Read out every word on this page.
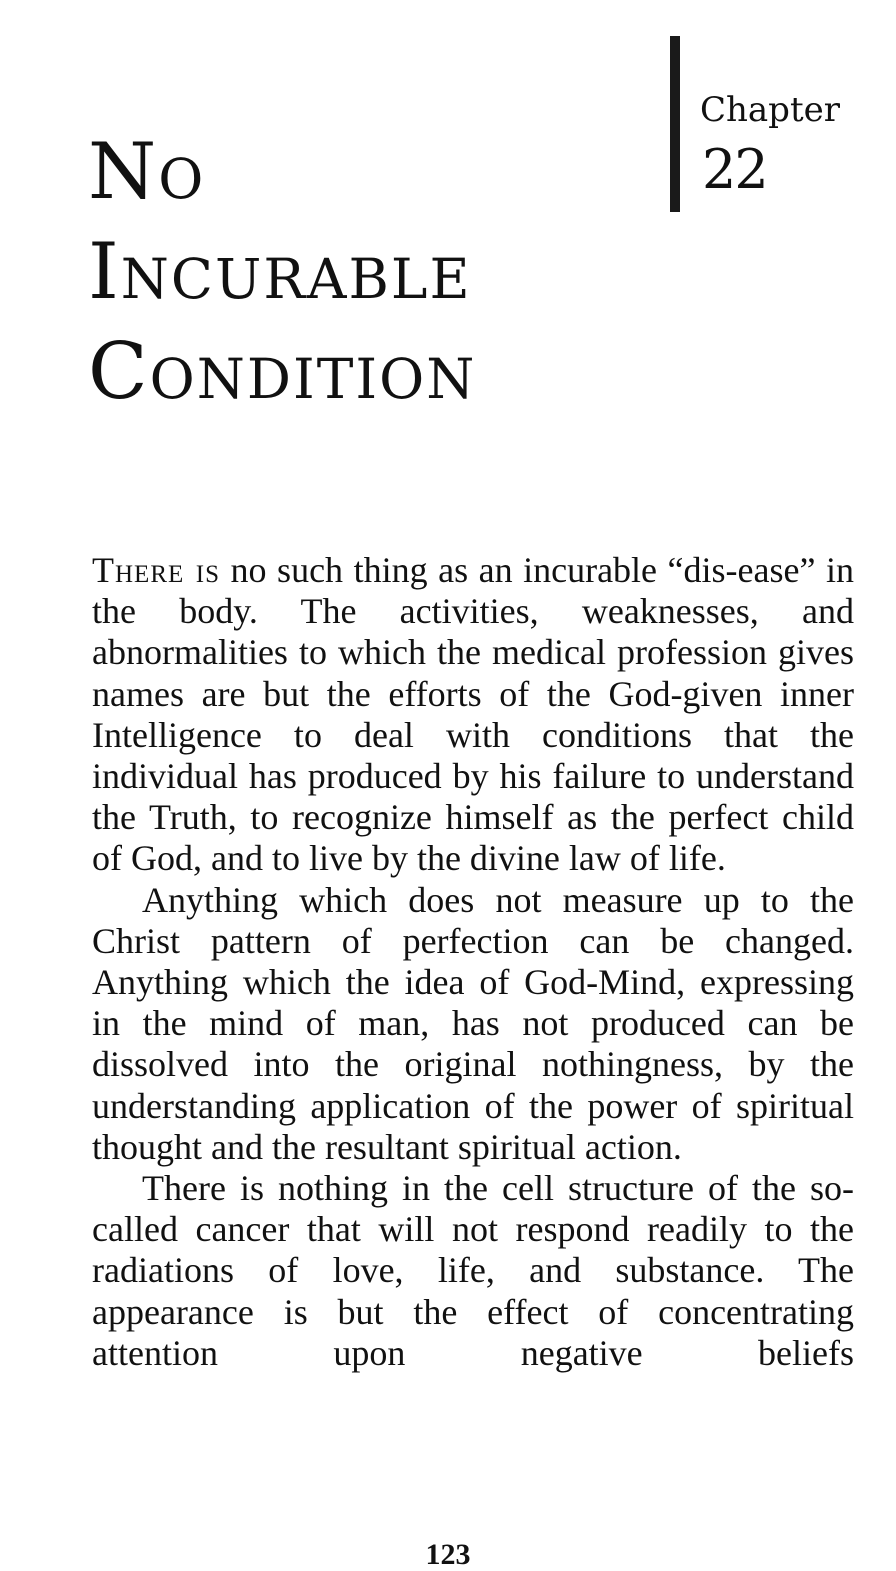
Chapter
22
No
Incurable
Condition

There is no such thing as an incurable “dis-ease” in the body. The activities, weaknesses, and abnormalities to which the medical profession gives names are but the efforts of the God-given inner Intelligence to deal with conditions that the individual has produced by his failure to understand the Truth, to recognize himself as the perfect child of God, and to live by the divine law of life.

Anything which does not measure up to the Christ pattern of perfection can be changed. Anything which the idea of God-Mind, expressing in the mind of man, has not produced can be dissolved into the original nothingness, by the understanding application of the power of spiritual thought and the resultant spiritual action.

There is nothing in the cell structure of the so-called cancer that will not respond readily to the radiations of love, life, and substance. The appearance is but the effect of concentrating attention upon negative beliefs

123
